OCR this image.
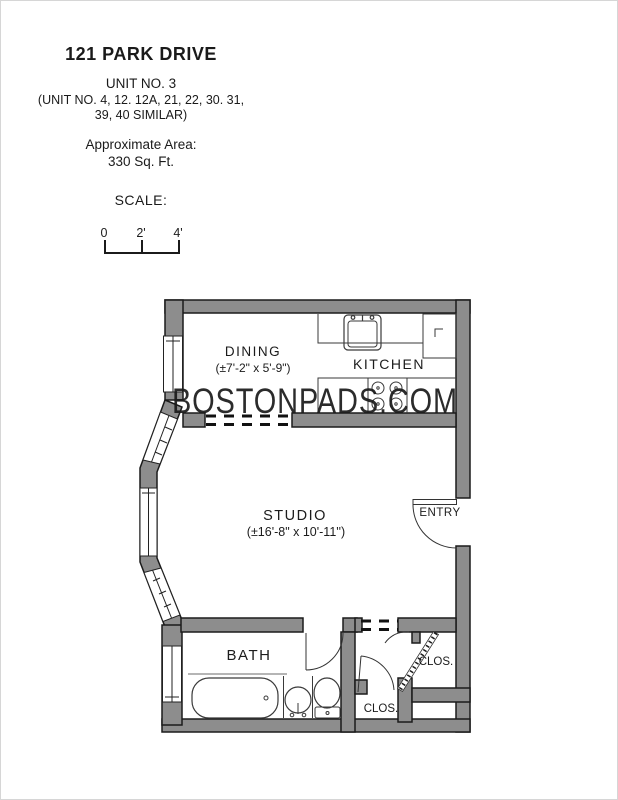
121 PARK DRIVE
UNIT NO. 3
(UNIT NO. 4, 12. 12A, 21, 22, 30. 31,
39, 40 SIMILAR)
Approximate Area:
330 Sq. Ft.
SCALE:
0 2' 4'
DINING
(±7'-2" x 5'-9")	KITCHEN
STUDIO
(±16'-8" x 10'-11'')
ENTRY
BATH	CLOS.
CLOS.
BOSTONPADS.COM
